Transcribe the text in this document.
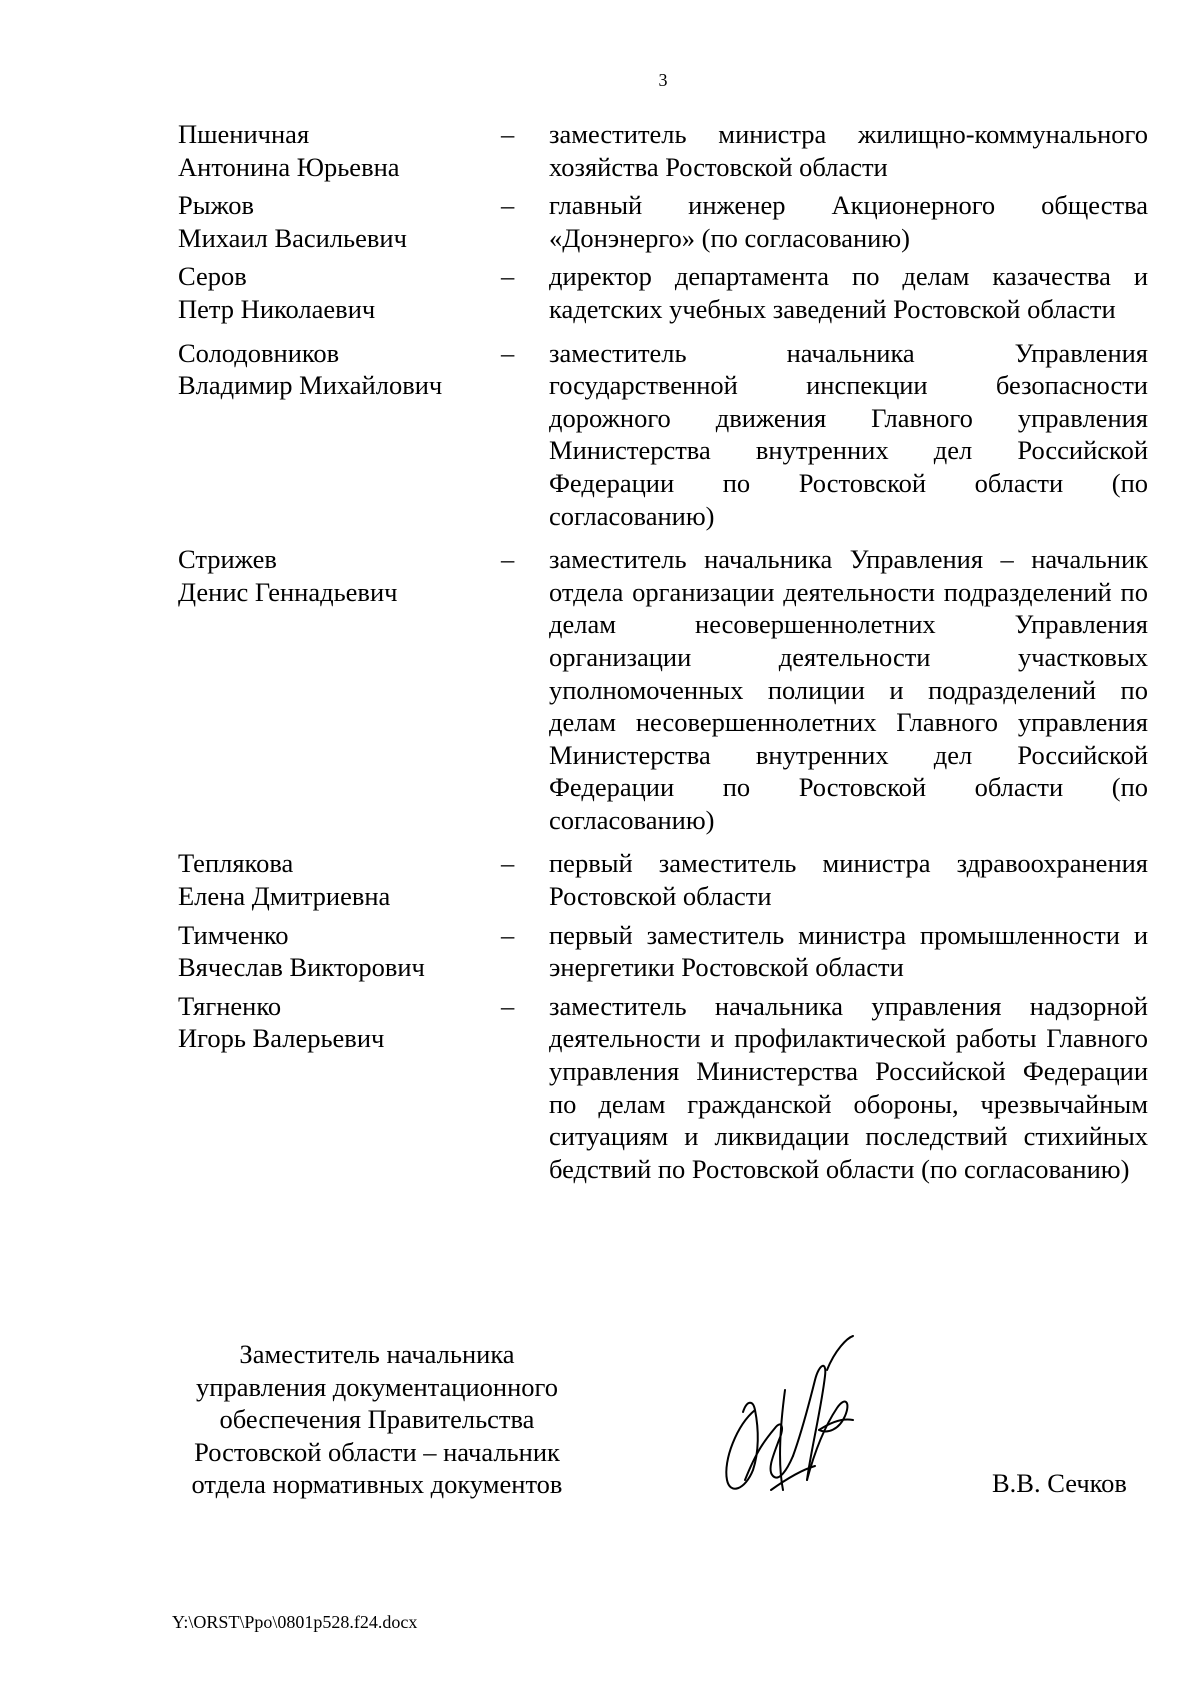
3
Пшеничная
Антонина Юрьевна
–	заместитель министра жилищно-коммунального хозяйства Ростовской области
Рыжов
Михаил Васильевич
–	главный инженер Акционерного общества «Донэнерго» (по согласованию)
Серов
Петр Николаевич
–	директор департамента по делам казачества и кадетских учебных заведений Ростовской области
Солодовников
Владимир Михайлович
–	заместитель начальника Управления государственной инспекции безопасности дорожного движения Главного управления Министерства внутренних дел Российской Федерации по Ростовской области (по согласованию)
Стрижев
Денис Геннадьевич
–	заместитель начальника Управления – начальник отдела организации деятельности подразделений по делам несовершеннолетних Управления организации деятельности участковых уполномоченных полиции и подразделений по делам несовершеннолетних Главного управления Министерства внутренних дел Российской Федерации по Ростовской области (по согласованию)
Теплякова
Елена Дмитриевна
–	первый заместитель министра здравоохранения Ростовской области
Тимченко
Вячеслав Викторович
–	первый заместитель министра промышленности и энергетики Ростовской области
Тягненко
Игорь Валерьевич
–	заместитель начальника управления надзорной деятельности и профилактической работы Главного управления Министерства Российской Федерации по делам гражданской обороны, чрезвычайным ситуациям и ликвидации последствий стихийных бедствий по Ростовской области (по согласованию)
Заместитель начальника
управления документационного
обеспечения Правительства
Ростовской области – начальник
отдела нормативных документов	В.В. Сечков
Y:\ORST\Ppo\0801p528.f24.docx
